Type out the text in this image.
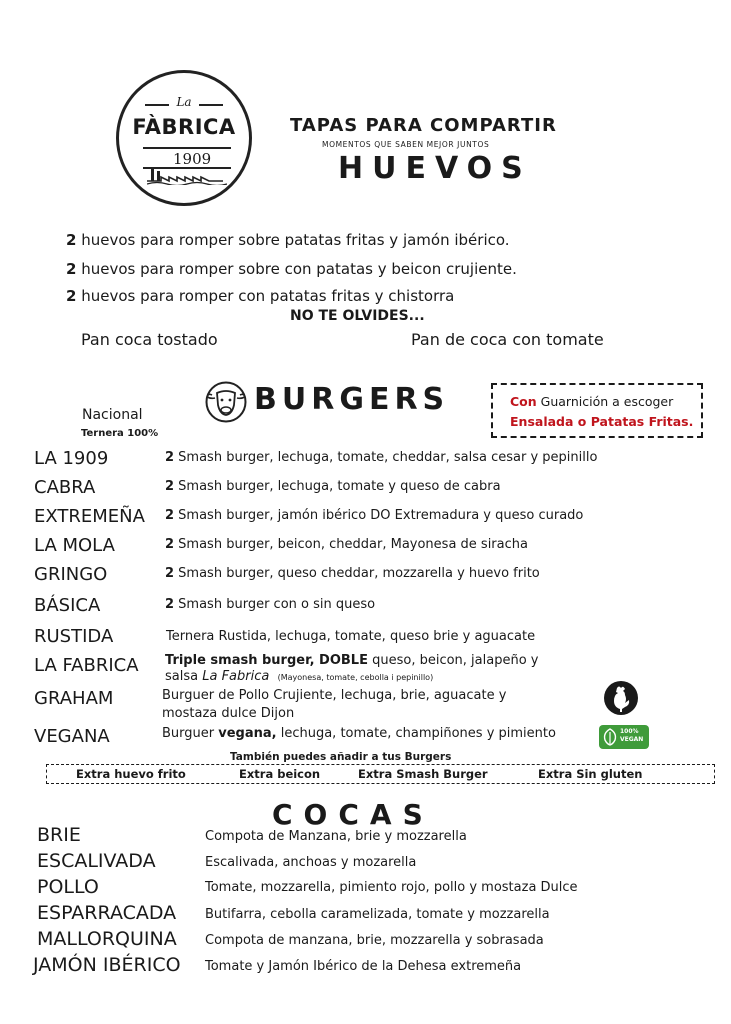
La
FÀBRICA
1909
TAPAS PARA COMPARTIR
MOMENTOS QUE SABEN MEJOR JUNTOS
HUEVOS
2 huevos para romper sobre patatas fritas y jamón ibérico.
2 huevos para romper sobre con patatas y beicon crujiente.
2 huevos para romper con patatas fritas y chistorra
NO TE OLVIDES...
Pan coca tostado	Pan de coca con tomate
BURGERS
Nacional
Ternera 100%
Con Guarnición a escoger
Ensalada o Patatas Fritas.
LA 1909	2 Smash burger, lechuga, tomate, cheddar, salsa cesar y pepinillo
CABRA	2 Smash burger, lechuga, tomate y queso de cabra
EXTREMEÑA 2 Smash burger, jamón ibérico DO Extremadura y queso curado
LA MOLA	2 Smash burger, beicon, cheddar, Mayonesa de siracha
GRINGO	2 Smash burger, queso cheddar, mozzarella y huevo frito
BÁSICA	2 Smash burger con o sin queso
RUSTIDA	Ternera Rustida, lechuga, tomate, queso brie y aguacate
LA FABRICA Triple smash burger, DOBLE queso, beicon, jalapeño y
salsa La Fabrica (Mayonesa, tomate, cebolla i pepinillo)
GRAHAM	Burguer de Pollo Crujiente, lechuga, brie, aguacate y
mostaza dulce Dijon
VEGANA	Burguer vegana, lechuga, tomate, champiñones y pimiento	100%
VEGAN
También puedes añadir a tus Burgers
Extra huevo frito	Extra beicon	Extra Smash Burger	Extra Sin gluten
COCAS
BRIE	Compota de Manzana, brie y mozzarella
ESCALIVADA	Escalivada, anchoas y mozarella
POLLO	Tomate, mozzarella, pimiento rojo, pollo y mostaza Dulce
ESPARRACADA Butifarra, cebolla caramelizada, tomate y mozzarella
MALLORQUINA Compota de manzana, brie, mozzarella y sobrasada
JAMÓN IBÉRICO Tomate y Jamón Ibérico de la Dehesa extremeña
